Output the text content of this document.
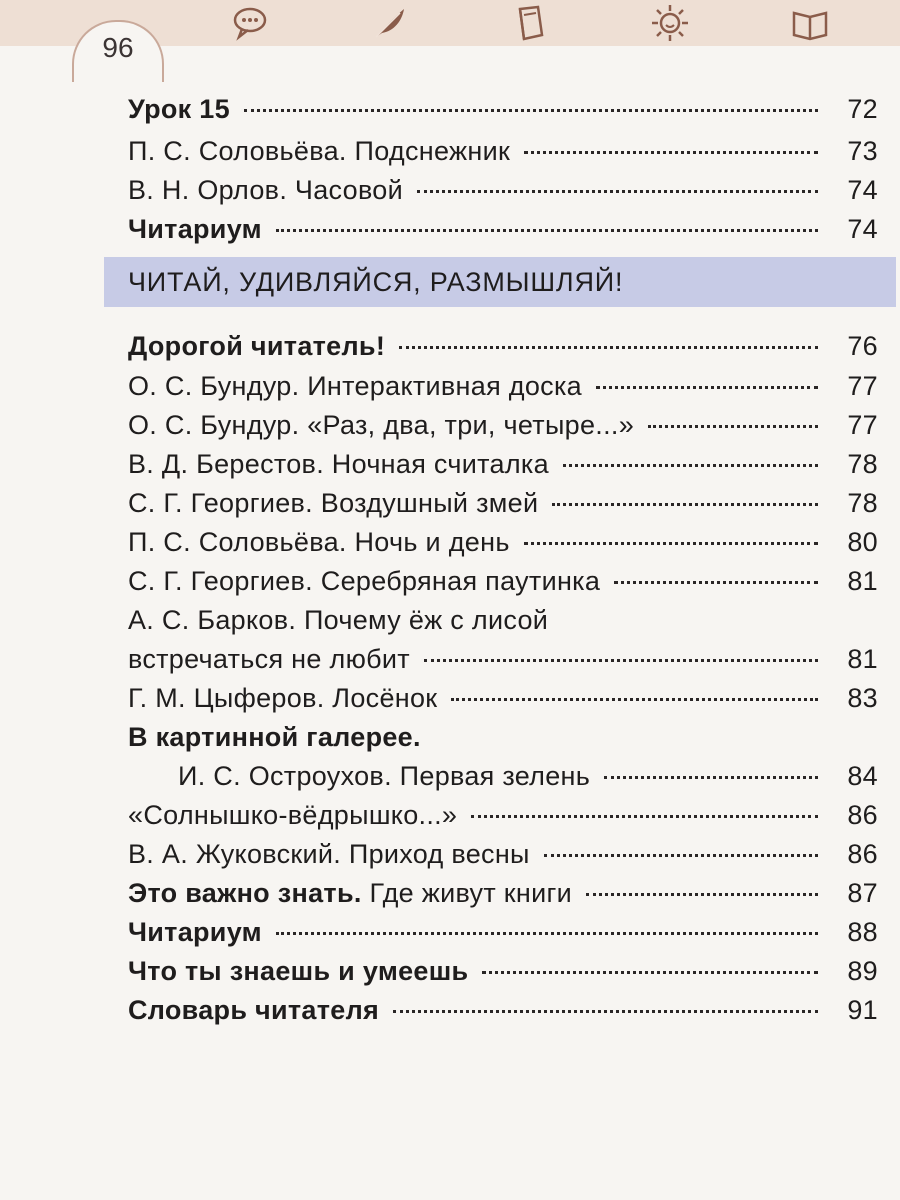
96
Урок 15	72
П. С. Соловьёва. Подснежник	73
В. Н. Орлов. Часовой	74
Читариум	74
ЧИТАЙ, УДИВЛЯЙСЯ, РАЗМЫШЛЯЙ!
Дорогой читатель!	76
О. С. Бундур. Интерактивная доска	77
О. С. Бундур. «Раз, два, три, четыре...»	77
В. Д. Берестов. Ночная считалка	78
С. Г. Георгиев. Воздушный змей	78
П. С. Соловьёва. Ночь и день	80
С. Г. Георгиев. Серебряная паутинка	81
А. С. Барков. Почему ёж с лисой
встречаться не любит	81
Г. М. Цыферов. Лосёнок	83
В картинной галерее.
И. С. Остроухов. Первая зелень	84
«Солнышко-вёдрышко...»	86
В. А. Жуковский. Приход весны	86
Это важно знать. Где живут книги	87
Читариум	88
Что ты знаешь и умеешь	89
Словарь читателя	91
